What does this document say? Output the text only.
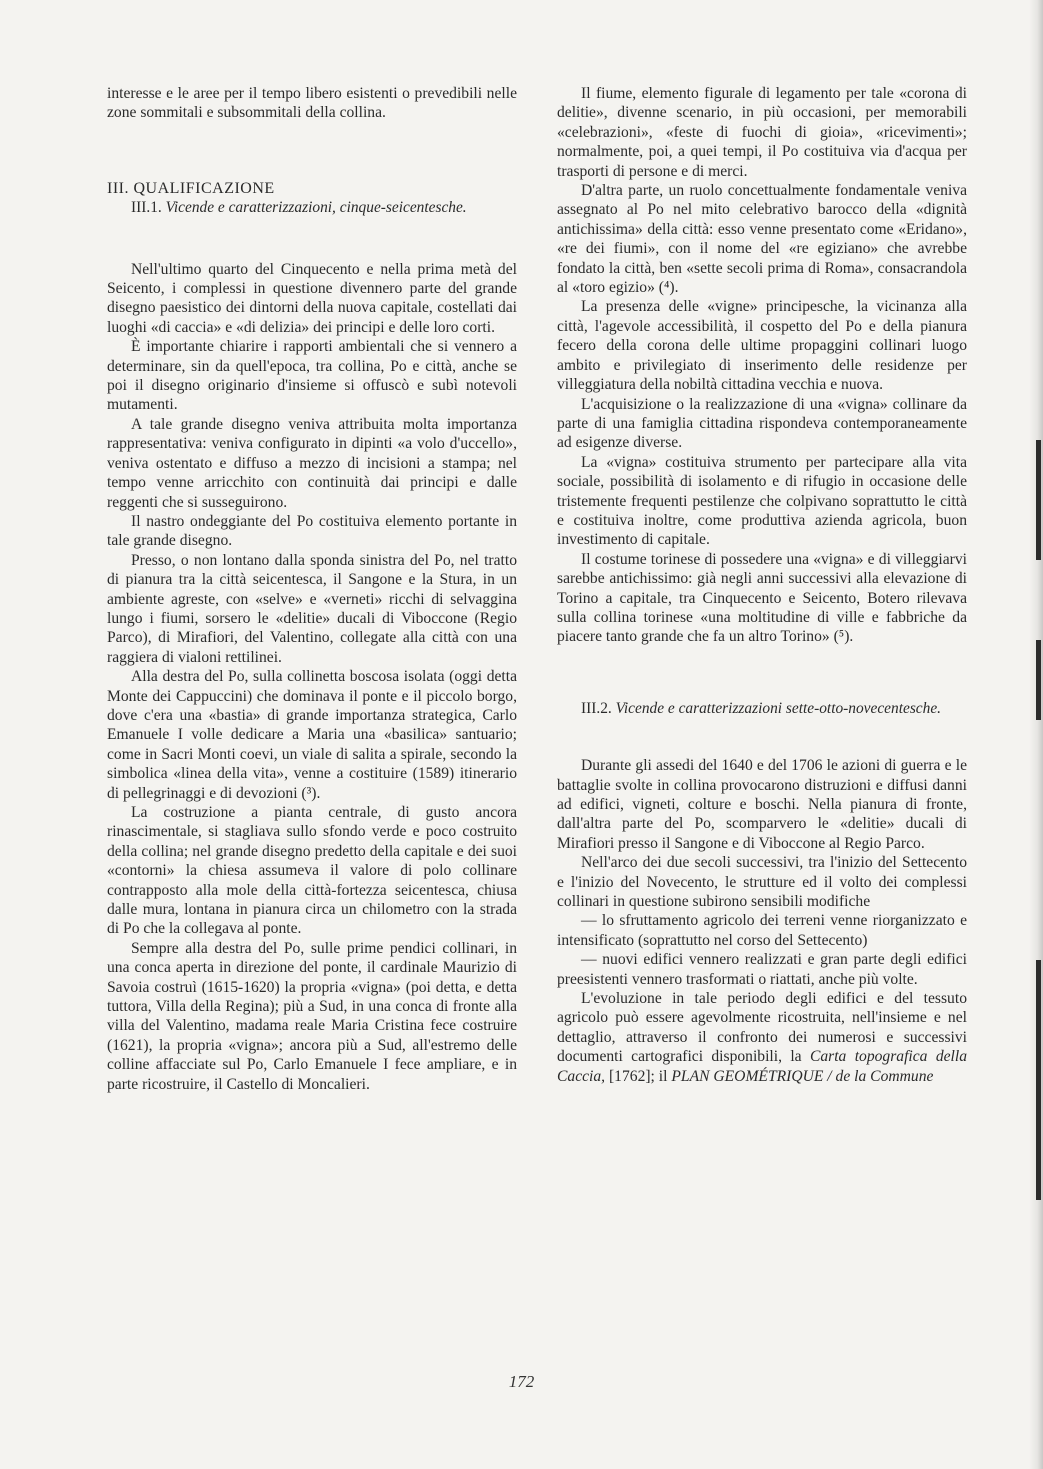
interesse e le aree per il tempo libero esistenti o prevedibili nelle zone sommitali e subsommitali della collina.

III. QUALIFICAZIONE

III.1. Vicende e caratterizzazioni, cinque-seicentesche.

Nell'ultimo quarto del Cinquecento e nella prima metà del Seicento, i complessi in questione divennero parte del grande disegno paesistico dei dintorni della nuova capitale, costellati dai luoghi «di caccia» e «di delizia» dei principi e delle loro corti.

È importante chiarire i rapporti ambientali che si vennero a determinare, sin da quell'epoca, tra collina, Po e città, anche se poi il disegno originario d'insieme si offuscò e subì notevoli mutamenti.

A tale grande disegno veniva attribuita molta importanza rappresentativa: veniva configurato in dipinti «a volo d'uccello», veniva ostentato e diffuso a mezzo di incisioni a stampa; nel tempo venne arricchito con continuità dai principi e dalle reggenti che si susseguirono.

Il nastro ondeggiante del Po costituiva elemento portante in tale grande disegno.

Presso, o non lontano dalla sponda sinistra del Po, nel tratto di pianura tra la città seicentesca, il Sangone e la Stura, in un ambiente agreste, con «selve» e «verneti» ricchi di selvaggina lungo i fiumi, sorsero le «delitie» ducali di Viboccone (Regio Parco), di Mirafiori, del Valentino, collegate alla città con una raggiera di vialoni rettilinei.

Alla destra del Po, sulla collinetta boscosa isolata (oggi detta Monte dei Cappuccini) che dominava il ponte e il piccolo borgo, dove c'era una «bastia» di grande importanza strategica, Carlo Emanuele I volle dedicare a Maria una «basilica» santuario; come in Sacri Monti coevi, un viale di salita a spirale, secondo la simbolica «linea della vita», venne a costituire (1589) itinerario di pellegrinaggi e di devozioni (³).

La costruzione a pianta centrale, di gusto ancora rinascimentale, si stagliava sullo sfondo verde e poco costruito della collina; nel grande disegno predetto della capitale e dei suoi «contorni» la chiesa assumeva il valore di polo collinare contrapposto alla mole della città-fortezza seicentesca, chiusa dalle mura, lontana in pianura circa un chilometro con la strada di Po che la collegava al ponte.

Sempre alla destra del Po, sulle prime pendici collinari, in una conca aperta in direzione del ponte, il cardinale Maurizio di Savoia costruì (1615-1620) la propria «vigna» (poi detta, e detta tuttora, Villa della Regina); più a Sud, in una conca di fronte alla villa del Valentino, madama reale Maria Cristina fece costruire (1621), la propria «vigna»; ancora più a Sud, all'estremo delle colline affacciate sul Po, Carlo Emanuele I fece ampliare, e in parte ricostruire, il Castello di Moncalieri.

Il fiume, elemento figurale di legamento per tale «corona di delitie», divenne scenario, in più occasioni, per memorabili «celebrazioni», «feste di fuochi di gioia», «ricevimenti»; normalmente, poi, a quei tempi, il Po costituiva via d'acqua per trasporti di persone e di merci.

D'altra parte, un ruolo concettualmente fondamentale veniva assegnato al Po nel mito celebrativo barocco della «dignità antichissima» della città: esso venne presentato come «Eridano», «re dei fiumi», con il nome del «re egiziano» che avrebbe fondato la città, ben «sette secoli prima di Roma», consacrandola al «toro egizio» (⁴).

La presenza delle «vigne» principesche, la vicinanza alla città, l'agevole accessibilità, il cospetto del Po e della pianura fecero della corona delle ultime propaggini collinari luogo ambito e privilegiato di inserimento delle residenze per villeggiatura della nobiltà cittadina vecchia e nuova.

L'acquisizione o la realizzazione di una «vigna» collinare da parte di una famiglia cittadina rispondeva contemporaneamente ad esigenze diverse.

La «vigna» costituiva strumento per partecipare alla vita sociale, possibilità di isolamento e di rifugio in occasione delle tristemente frequenti pestilenze che colpivano soprattutto le città e costituiva inoltre, come produttiva azienda agricola, buon investimento di capitale.

Il costume torinese di possedere una «vigna» e di villeggiarvi sarebbe antichissimo: già negli anni successivi alla elevazione di Torino a capitale, tra Cinquecento e Seicento, Botero rilevava sulla collina torinese «una moltitudine di ville e fabbriche da piacere tanto grande che fa un altro Torino» (⁵).

III.2. Vicende e caratterizzazioni sette-otto-novecentesche.

Durante gli assedi del 1640 e del 1706 le azioni di guerra e le battaglie svolte in collina provocarono distruzioni e diffusi danni ad edifici, vigneti, colture e boschi. Nella pianura di fronte, dall'altra parte del Po, scomparvero le «delitie» ducali di Mirafiori presso il Sangone e di Viboccone al Regio Parco.

Nell'arco dei due secoli successivi, tra l'inizio del Settecento e l'inizio del Novecento, le strutture ed il volto dei complessi collinari in questione subirono sensibili modifiche

— lo sfruttamento agricolo dei terreni venne riorganizzato e intensificato (soprattutto nel corso del Settecento)

— nuovi edifici vennero realizzati e gran parte degli edifici preesistenti vennero trasformati o riattati, anche più volte.

L'evoluzione in tale periodo degli edifici e del tessuto agricolo può essere agevolmente ricostruita, nell'insieme e nel dettaglio, attraverso il confronto dei numerosi e successivi documenti cartografici disponibili, la Carta topografica della Caccia, [1762]; il PLAN GEOMÉTRIQUE / de la Commune

172
